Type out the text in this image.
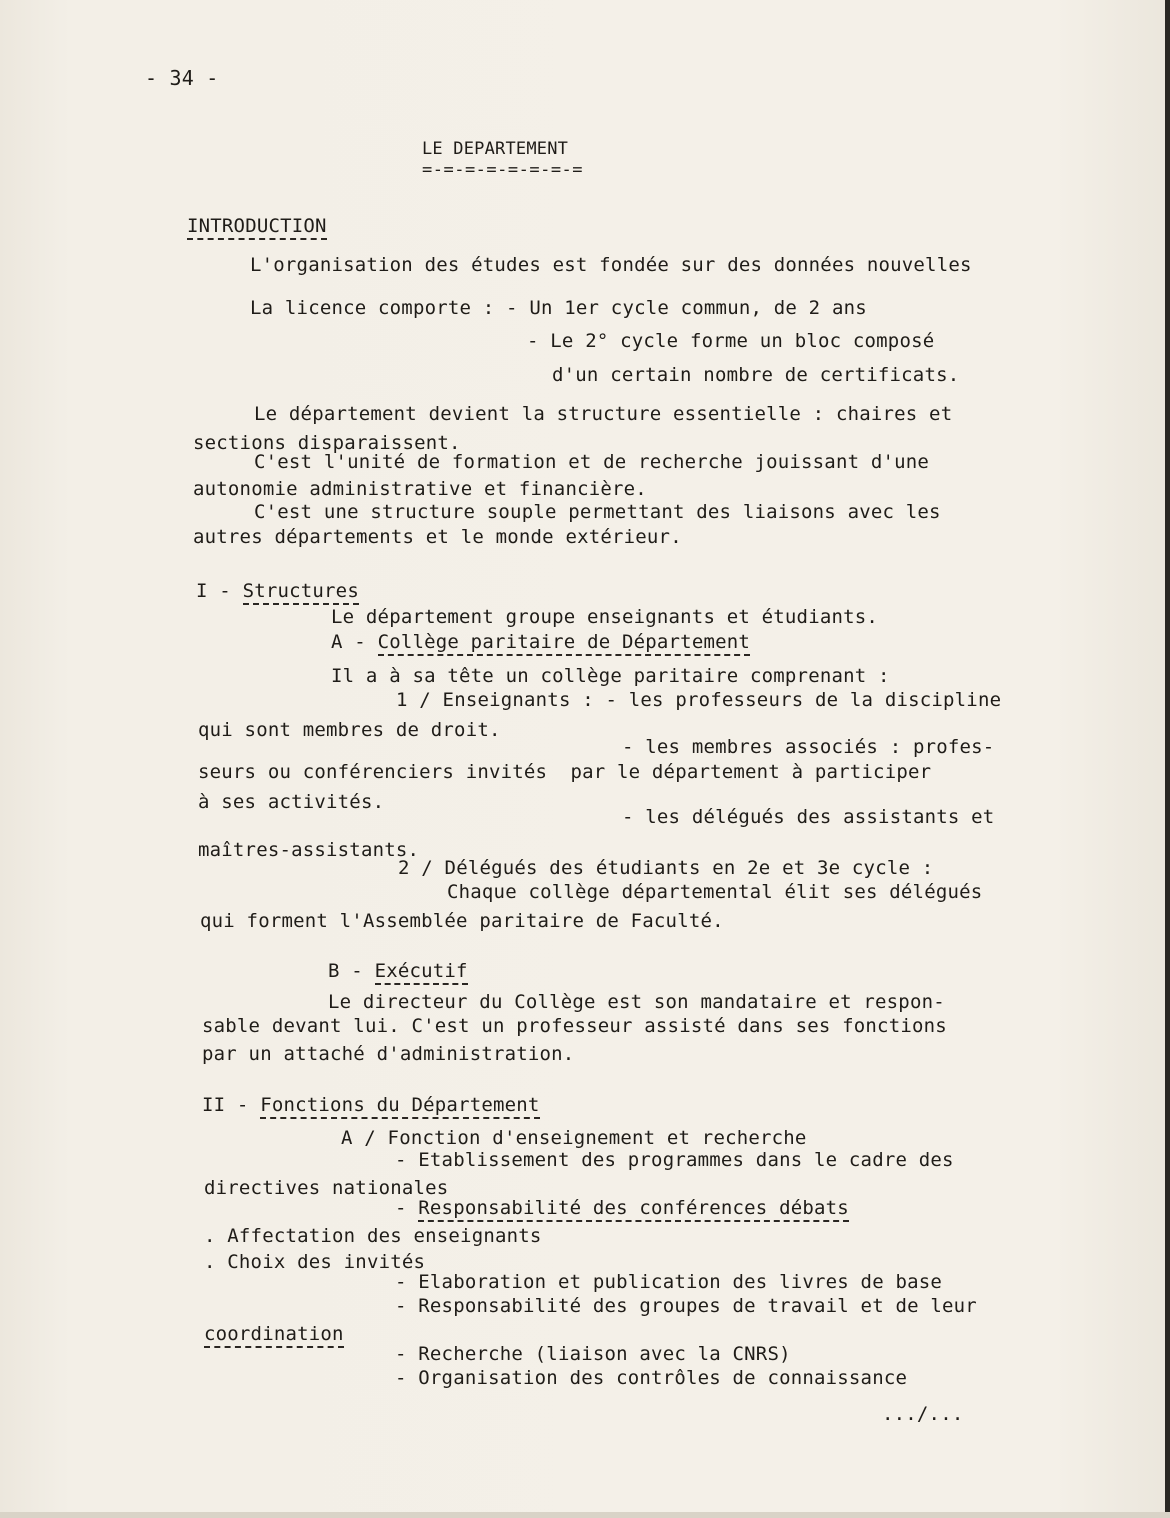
- 34 -
LE DEPARTEMENT
=-=-=-=-=-=-=-=
INTRODUCTION
L'organisation des études est fondée sur des données nouvelles
La licence comporte : - Un 1er cycle commun, de 2 ans
- Le 2° cycle forme un bloc composé
d'un certain nombre de certificats.
Le département devient la structure essentielle : chaires et
sections disparaissent.
C'est l'unité de formation et de recherche jouissant d'une
autonomie administrative et financière.
C'est une structure souple permettant des liaisons avec les
autres départements et le monde extérieur.
I - Structures
Le département groupe enseignants et étudiants.
A - Collège paritaire de Département
Il a à sa tête un collège paritaire comprenant :
1 / Enseignants : - les professeurs de la discipline
qui sont membres de droit.
- les membres associés : profes-
seurs ou conférenciers invités  par le département à participer
à ses activités.
- les délégués des assistants et
maîtres-assistants.
2 / Délégués des étudiants en 2e et 3e cycle :
Chaque collège départemental élit ses délégués
qui forment l'Assemblée paritaire de Faculté.
B - Exécutif
Le directeur du Collège est son mandataire et respon-
sable devant lui. C'est un professeur assisté dans ses fonctions
par un attaché d'administration.
II - Fonctions du Département
A / Fonction d'enseignement et recherche
- Etablissement des programmes dans le cadre des
directives nationales
- Responsabilité des conférences débats
. Affectation des enseignants
. Choix des invités
- Elaboration et publication des livres de base
- Responsabilité des groupes de travail et de leur
coordination
- Recherche (liaison avec la CNRS)
- Organisation des contrôles de connaissance
.../...
